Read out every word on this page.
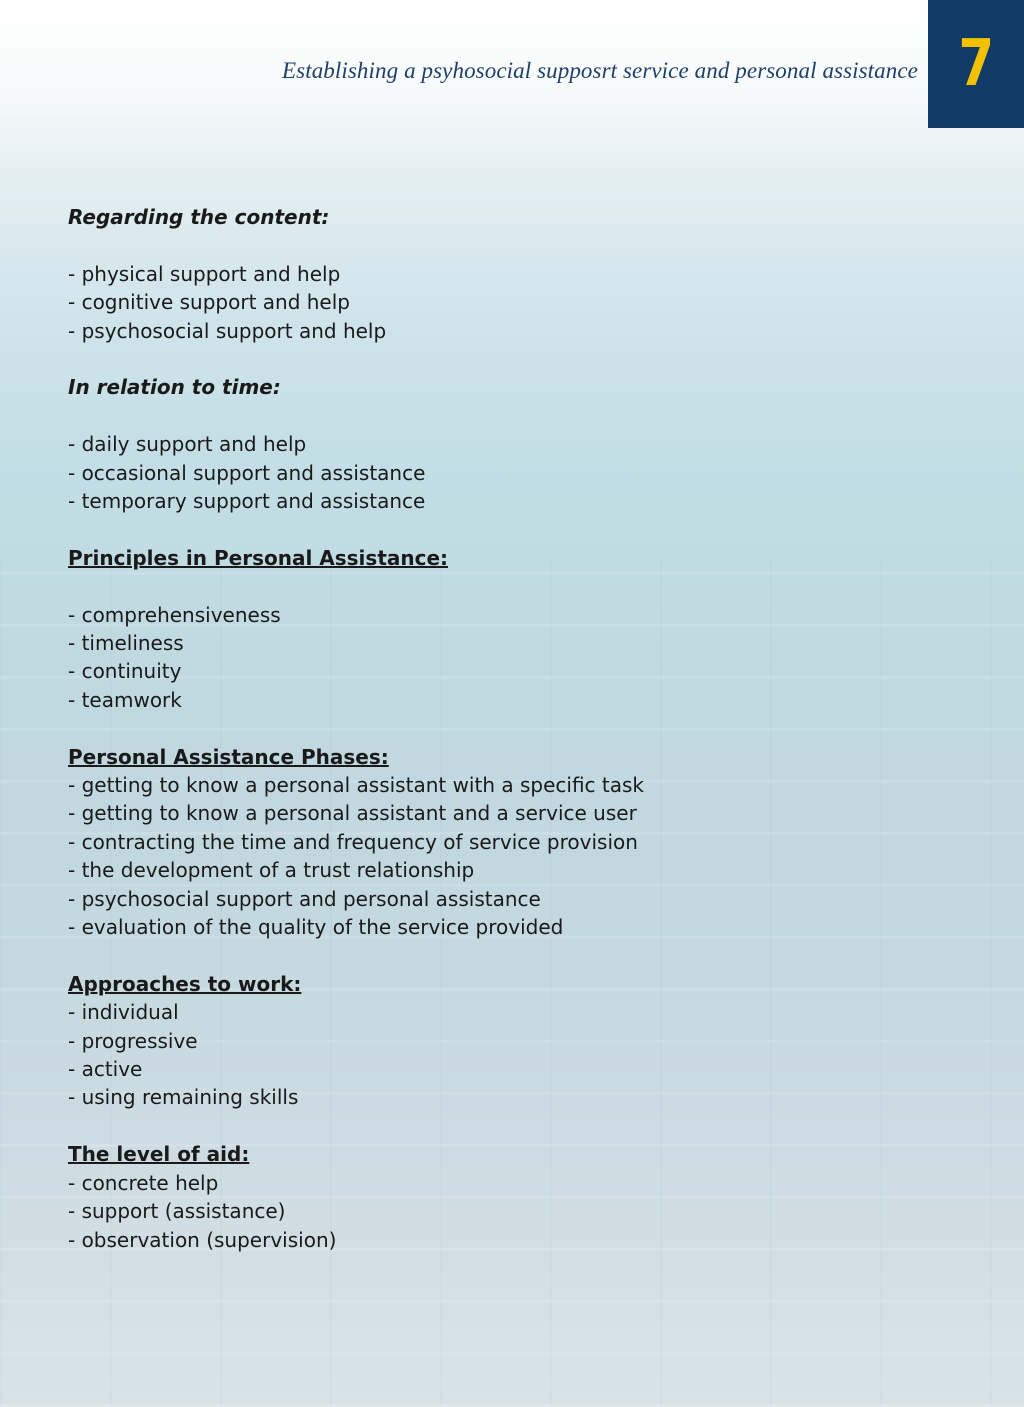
Establishing a psyhosocial supposrt service and personal assistance 7

Regarding the content:

- physical support and help

- cognitive support and help

- psychosocial support and help

In relation to time:

- daily support and help

- occasional support and assistance

- temporary support and assistance

Principles in Personal Assistance:

- comprehensiveness

- timeliness

- continuity

- teamwork

Personal Assistance Phases:

- getting to know a personal assistant with a specific task

- getting to know a personal assistant and a service user

- contracting the time and frequency of service provision

- the development of a trust relationship

- psychosocial support and personal assistance

- evaluation of the quality of the service provided

Approaches to work:

- individual

- progressive

- active

- using remaining skills

The level of aid:

- concrete help

- support (assistance)

- observation (supervision)
